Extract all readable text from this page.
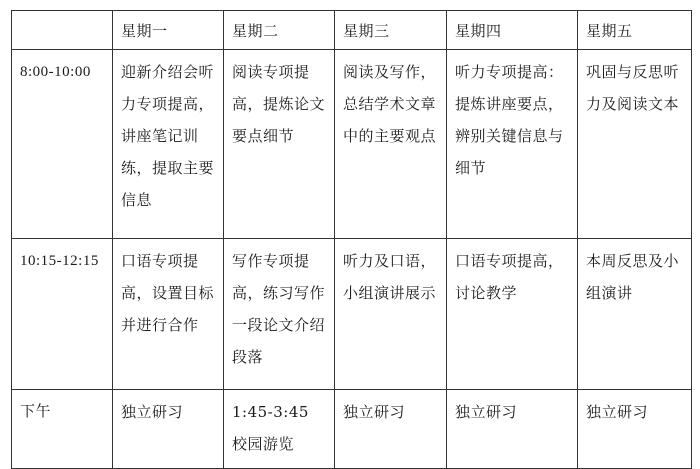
	星期一	星期二	星期三	星期四	星期五
8:00-10:00	迎新介绍会听力专项提高，讲座笔记训练，提取主要信息	阅读专项提高，提炼论文要点细节	阅读及写作，总结学术文章中的主要观点	听力专项提高：提炼讲座要点，辨别关键信息与细节	巩固与反思听力及阅读文本
10:15-12:15	口语专项提高，设置目标并进行合作	写作专项提高，练习写作一段论文介绍段落	听力及口语，小组演讲展示	口语专项提高，讨论教学	本周反思及小组演讲
下午	独立研习	1:45-3:45 校园游览	独立研习	独立研习	独立研习
